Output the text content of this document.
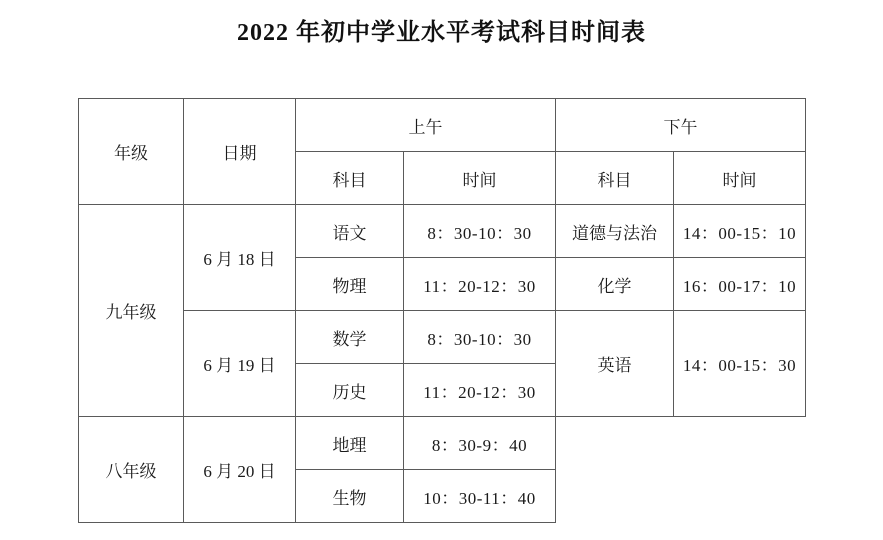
2022 年初中学业水平考试科目时间表
年级	日期	上午		下午	
		科目	时间	科目	时间
九年级	6 月 18 日	语文	8：30-10：30	道德与法治	14：00-15：10
		物理	11：20-12：30	化学	16：00-17：10
	6 月 19 日	数学	8：30-10：30	英语	14：00-15：30
		历史	11：20-12：30		
八年级	6 月 20 日	地理	8：30-9：40		
		生物	10：30-11：40		
